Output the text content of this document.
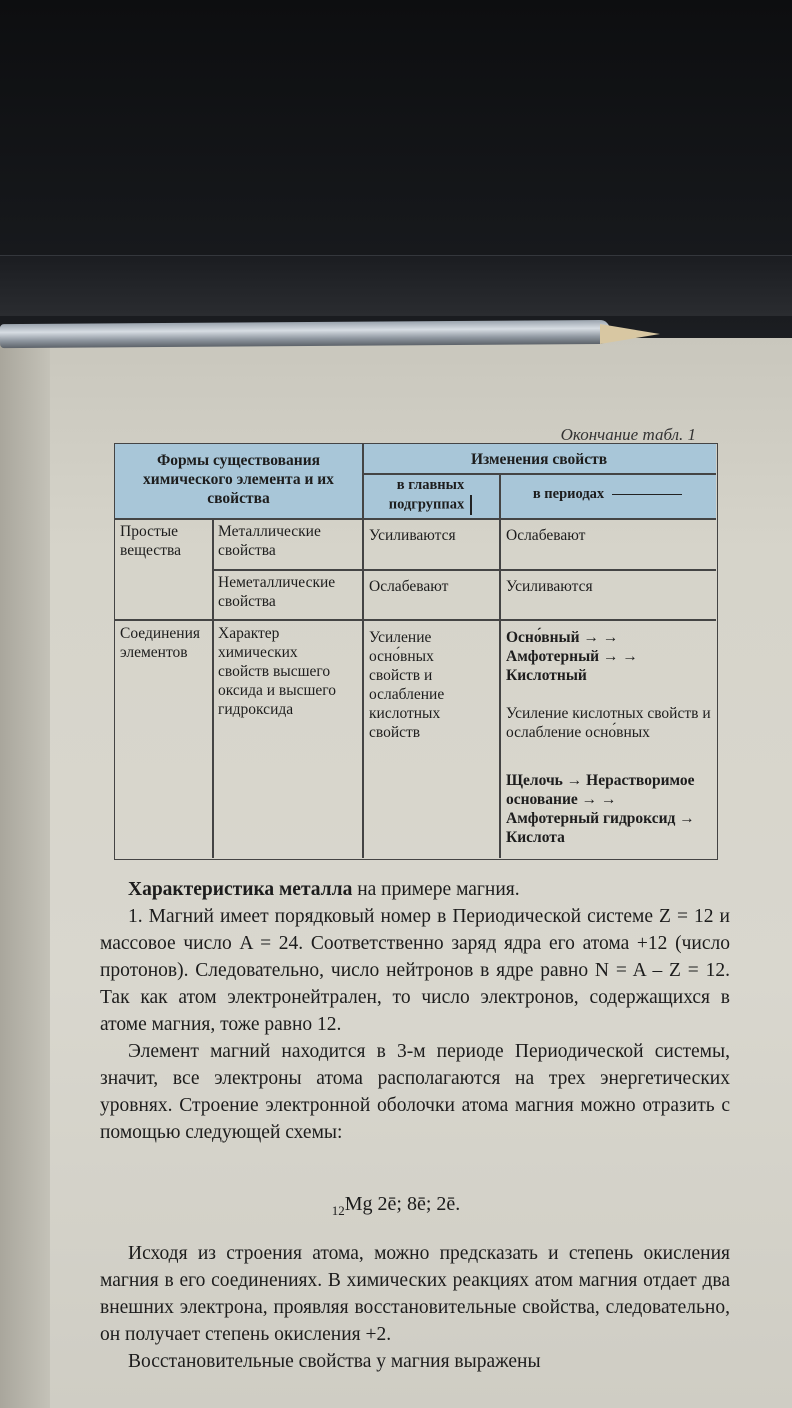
Окончание табл. 1
Формы существования химического элемента и их свойства
Изменения свойств
в главных подгруппах
в периодах
Простые вещества
Металлические свойства
Усиливаются	Ослабевают
Неметаллические свойства
Ослабевают	Усиливаются
Соединения элементов
Характер химических свойств высшего оксида и высшего гидроксида
Усиление осно́вных свойств и ослабление кислотных свойств
Осно́вный → → Амфотерный → → Кислотный
Усиление кислотных свойств и ослабление осно́вных
Щелочь → Нерастворимое основание → → Амфотерный гидроксид → Кислота

Характеристика металла на примере магния.

1. Магний имеет порядковый номер в Периодической системе Z = 12 и массовое число A = 24. Соответственно заряд ядра его атома +12 (число протонов). Следовательно, число нейтронов в ядре равно N = A – Z = 12. Так как атом электронейтрален, то число электронов, содержащихся в атоме магния, тоже равно 12.

Элемент магний находится в 3-м периоде Периодической системы, значит, все электроны атома располагаются на трех энергетических уровнях. Строение электронной оболочки атома магния можно отразить с помощью следующей схемы:

$_{12}$Mg 2ē; 8ē; 2ē.

Исходя из строения атома, можно предсказать и степень окисления магния в его соединениях. В химических реакциях атом магния отдает два внешних электрона, проявляя восстановительные свойства, следовательно, он получает степень окисления +2.

Восстановительные свойства у магния выражены
